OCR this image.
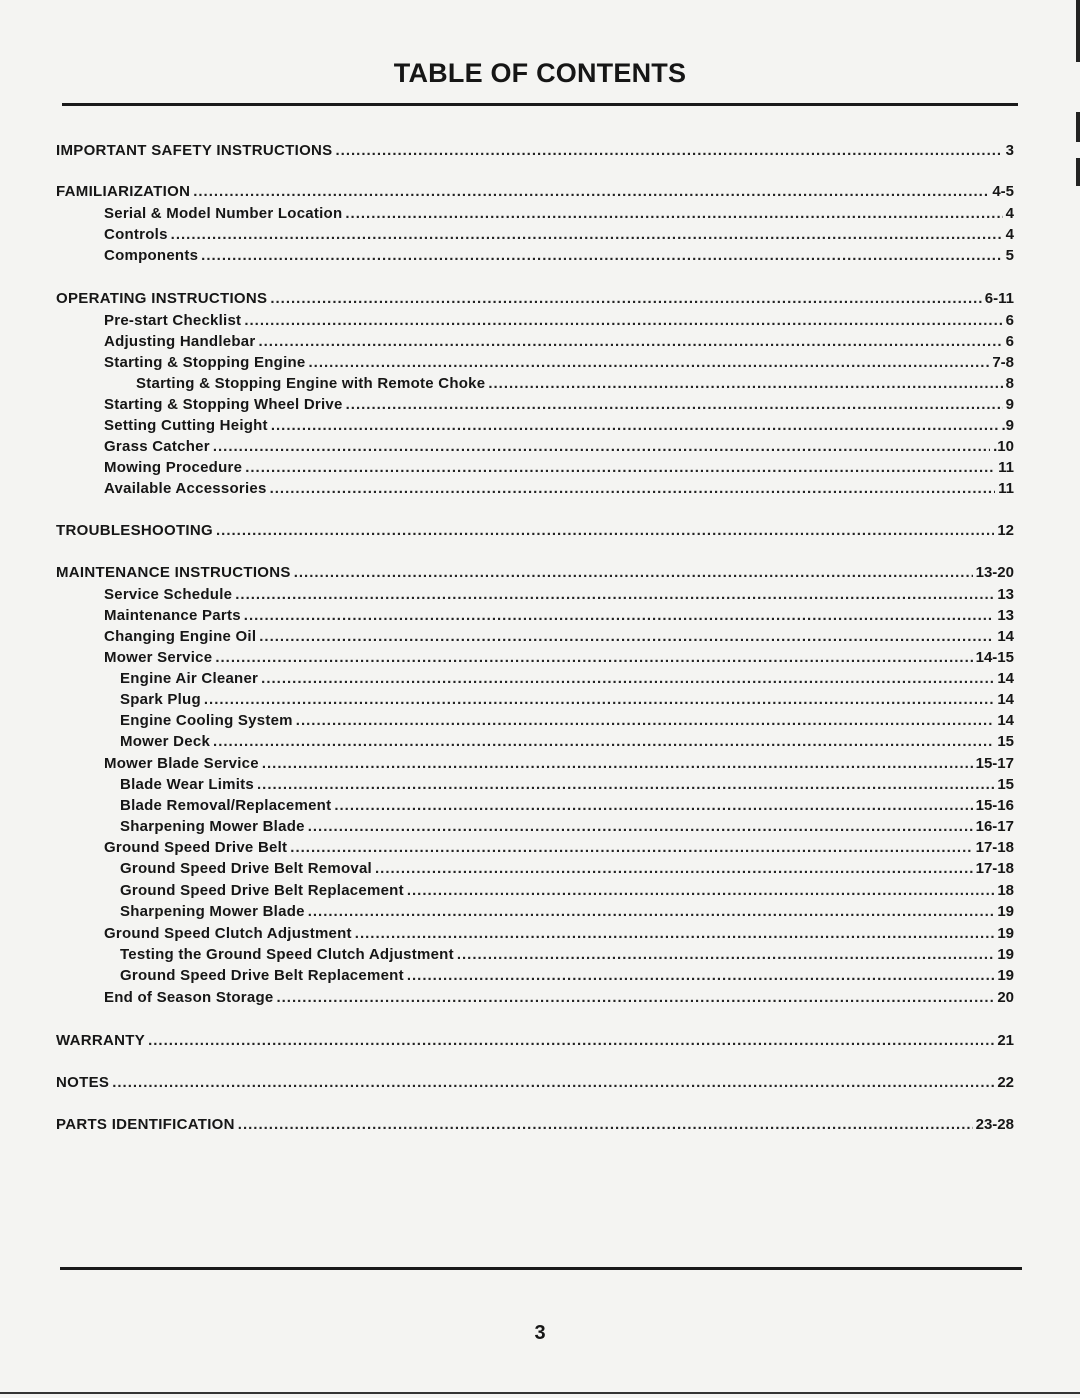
TABLE OF CONTENTS
IMPORTANT SAFETY INSTRUCTIONS .....	3
FAMILIARIZATION .....	4-5
Serial & Model Number Location .....	4
Controls .....	4
Components .....	5
OPERATING INSTRUCTIONS .....	6-11
Pre-start Checklist .....	6
Adjusting Handlebar .....	6
Starting & Stopping Engine .....	7-8
Starting & Stopping Engine with Remote Choke .....	8
Starting & Stopping Wheel Drive .....	9
Setting Cutting Height .....	.9
Grass Catcher .....	.10
Mowing Procedure .....	11
Available Accessories .....	11
TROUBLESHOOTING .....	12
MAINTENANCE INSTRUCTIONS .....	13-20
Service Schedule .....	13
Maintenance Parts .....	13
Changing Engine Oil .....	14
Mower Service .....	14-15
Engine Air Cleaner .....	14
Spark Plug .....	14
Engine Cooling System .....	14
Mower Deck .....	15
Mower Blade Service .....	15-17
Blade Wear Limits .....	15
Blade Removal/Replacement .....	15-16
Sharpening Mower Blade .....	16-17
Ground Speed Drive Belt .....	17-18
Ground Speed Drive Belt Removal .....	17-18
Ground Speed Drive Belt Replacement .....	18
Sharpening Mower Blade .....	19
Ground Speed Clutch Adjustment .....	19
Testing the Ground Speed Clutch Adjustment .....	19
Ground Speed Drive Belt Replacement .....	19
End of Season Storage .....	20
WARRANTY .....	21
NOTES .....	22
PARTS IDENTIFICATION .....	23-28
3
